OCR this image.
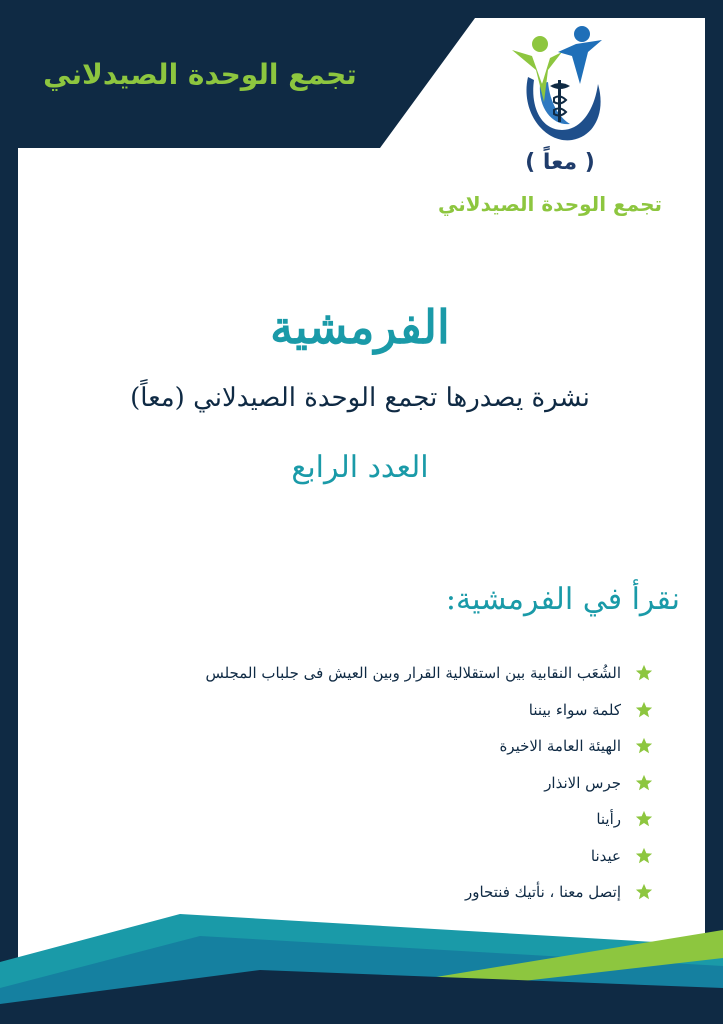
تجمع الوحدة الصيدلاني
( معاً )
تجمع الوحدة الصيدلاني
الفرمشية
نشرة يصدرها تجمع الوحدة الصيدلاني (معاً)
العدد الرابع
نقرأ في الفرمشية:
الشُعَب النقابية بين استقلالية القرار وبين العيش فى جلباب المجلس
كلمة سواء بيننا
الهيئة العامة الاخيرة
جرس الانذار
رأينا
عيدنا
إتصل معنا ، نأتيك فنتحاور
